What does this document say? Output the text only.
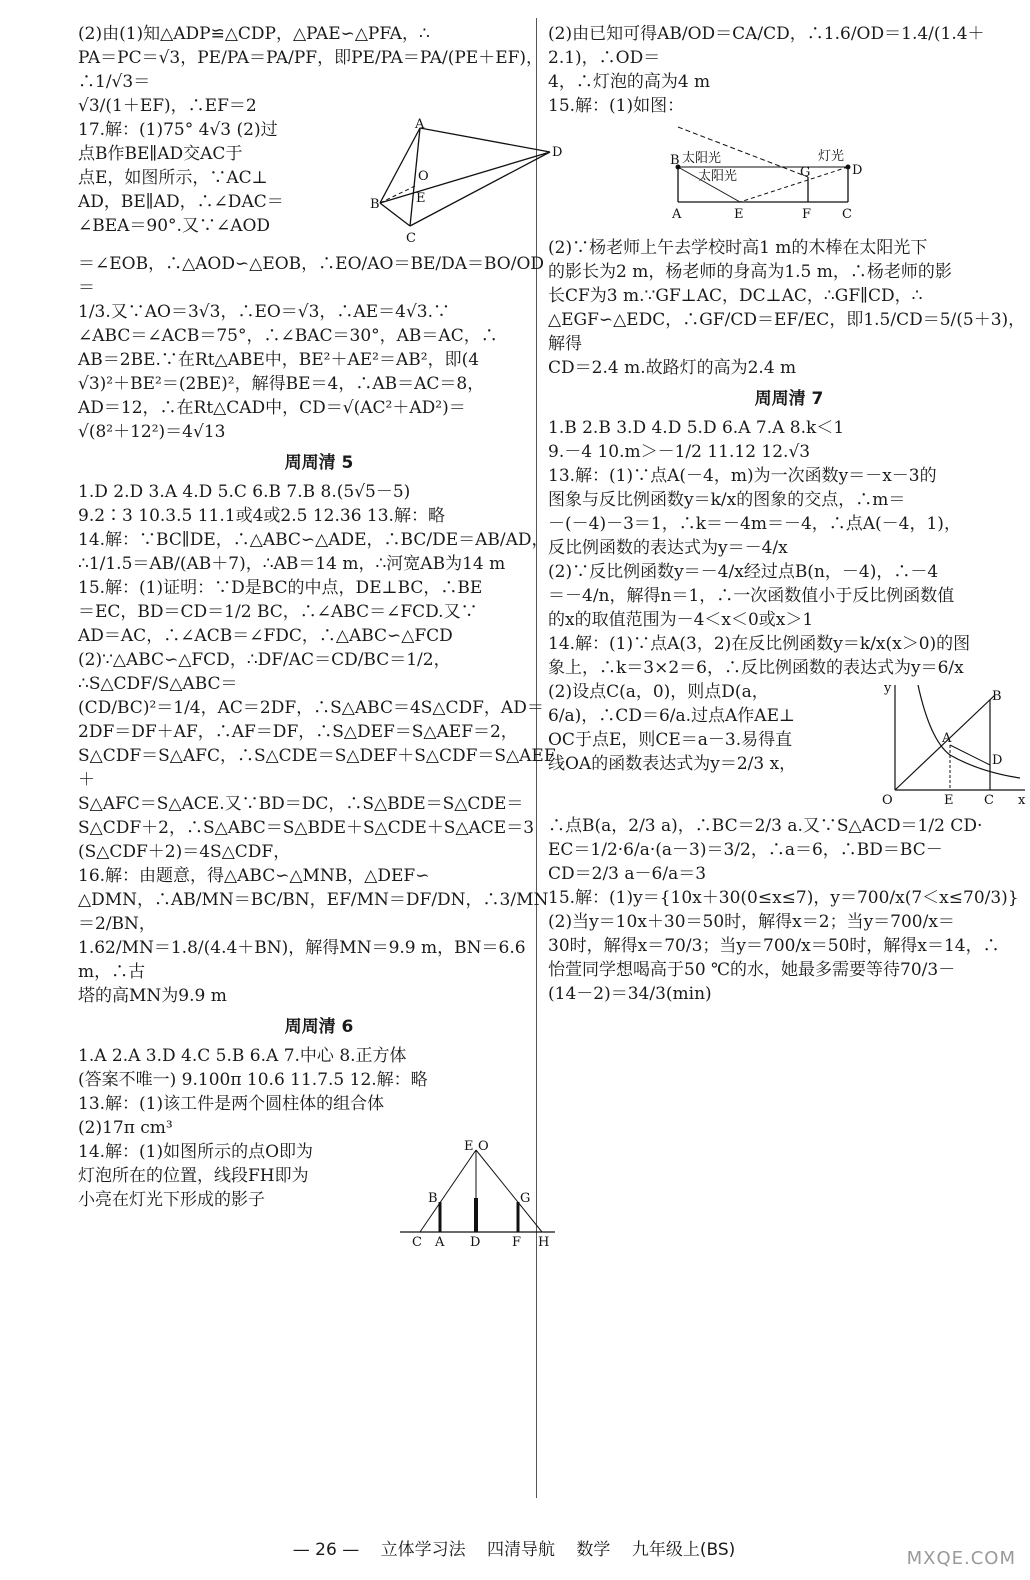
(2)由(1)知△ADP≌△CDP，△PAE∽△PFA，∴

PA＝PC＝√3，PE/PA＝PA/PF，即PE/PA＝PA/(PE＋EF)，∴1/√3＝

√3/(1＋EF)，∴EF＝2

A
D
O
E
B
C

17.解：(1)75° 4√3 (2)过

点B作BE∥AD交AC于

点E，如图所示，∵AC⊥

AD，BE∥AD，∴∠DAC＝

∠BEA＝90°.又∵∠AOD

＝∠EOB，∴△AOD∽△EOB，∴EO/AO＝BE/DA＝BO/OD＝

1/3.又∵AO＝3√3，∴EO＝√3，∴AE＝4√3.∵

∠ABC＝∠ACB＝75°，∴∠BAC＝30°，AB＝AC，∴

AB＝2BE.∵在Rt△ABE中，BE²＋AE²＝AB²，即(4

√3)²＋BE²＝(2BE)²，解得BE＝4，∴AB＝AC＝8，

AD＝12，∴在Rt△CAD中，CD＝√(AC²＋AD²)＝

√(8²＋12²)＝4√13

周周清 5

1.D 2.D 3.A 4.D 5.C 6.B 7.B 8.(5√5－5)

9.2∶3 10.3.5 11.1或4或2.5 12.36 13.解：略

14.解：∵BC∥DE，∴△ABC∽△ADE，∴BC/DE＝AB/AD，

∴1/1.5＝AB/(AB＋7)，∴AB＝14 m，∴河宽AB为14 m

15.解：(1)证明：∵D是BC的中点，DE⊥BC，∴BE

＝EC，BD＝CD＝1/2 BC，∴∠ABC＝∠FCD.又∵

AD＝AC，∴∠ACB＝∠FDC，∴△ABC∽△FCD

(2)∵△ABC∽△FCD，∴DF/AC＝CD/BC＝1/2，∴S△CDF/S△ABC＝

(CD/BC)²＝1/4，AC＝2DF，∴S△ABC＝4S△CDF，AD＝

2DF＝DF＋AF，∴AF＝DF，∴S△DEF＝S△AEF＝2，

S△CDF＝S△AFC，∴S△CDE＝S△DEF＋S△CDF＝S△AEF＋

S△AFC＝S△ACE.又∵BD＝DC，∴S△BDE＝S△CDE＝

S△CDF＋2，∴S△ABC＝S△BDE＋S△CDE＋S△ACE＝3

(S△CDF＋2)＝4S△CDF，

16.解：由题意，得△ABC∽△MNB，△DEF∽

△DMN，∴AB/MN＝BC/BN，EF/MN＝DF/DN，∴3/MN＝2/BN，

1.62/MN＝1.8/(4.4＋BN)，解得MN＝9.9 m，BN＝6.6 m，∴古

塔的高MN为9.9 m

周周清 6

1.A 2.A 3.D 4.C 5.B 6.A 7.中心 8.正方体

(答案不唯一) 9.100π 10.6 11.7.5 12.解：略

13.解：(1)该工件是两个圆柱体的组合体

(2)17π cm³

E O
B	G
C A D F H

14.解：(1)如图所示的点O即为

灯泡所在的位置，线段FH即为

小亮在灯光下形成的影子

(2)由已知可得AB/OD＝CA/CD，∴1.6/OD＝1.4/(1.4＋2.1)，∴OD＝

4，∴灯泡的高为4 m

15.解：(1)如图：

B 太阳光
太阳光
灯光
G	D
A	E	F C

(2)∵杨老师上午去学校时高1 m的木棒在太阳光下

的影长为2 m，杨老师的身高为1.5 m，∴杨老师的影

长CF为3 m.∵GF⊥AC，DC⊥AC，∴GF∥CD，∴

△EGF∽△EDC，∴GF/CD＝EF/EC，即1.5/CD＝5/(5＋3)，解得

CD＝2.4 m.故路灯的高为2.4 m

周周清 7

1.B 2.B 3.D 4.D 5.D 6.A 7.A 8.k＜1

9.－4 10.m＞－1/2 11.12 12.√3

13.解：(1)∵点A(－4，m)为一次函数y＝－x－3的

图象与反比例函数y＝k/x的图象的交点，∴m＝

－(－4)－3＝1，∴k＝－4m＝－4，∴点A(－4，1)，

反比例函数的表达式为y＝－4/x

(2)∵反比例函数y＝－4/x经过点B(n，－4)，∴－4

＝－4/n，解得n＝1，∴一次函数值小于反比例函数值

的x的取值范围为－4＜x＜0或x＞1

14.解：(1)∵点A(3，2)在反比例函数y＝k/x(x＞0)的图

象上，∴k＝3×2＝6，∴反比例函数的表达式为y＝6/x

y
B
A
D
O	E C x

(2)设点C(a，0)，则点D(a，

6/a)，∴CD＝6/a.过点A作AE⊥

OC于点E，则CE＝a－3.易得直

线OA的函数表达式为y＝2/3 x，

∴点B(a，2/3 a)，∴BC＝2/3 a.又∵S△ACD＝1/2 CD·

EC＝1/2·6/a·(a－3)＝3/2，∴a＝6，∴BD＝BC－

CD＝2/3 a－6/a＝3

15.解：(1)y＝{10x＋30(0≤x≤7)，y＝700/x(7＜x≤70/3)}

(2)当y＝10x＋30＝50时，解得x＝2；当y＝700/x＝

30时，解得x＝70/3；当y＝700/x＝50时，解得x＝14，∴

怡萱同学想喝高于50 ℃的水，她最多需要等待70/3－

(14－2)＝34/3(min)

— 26 — 立体学习法 四清导航 数学 九年级上(BS)	MXQE.COM
